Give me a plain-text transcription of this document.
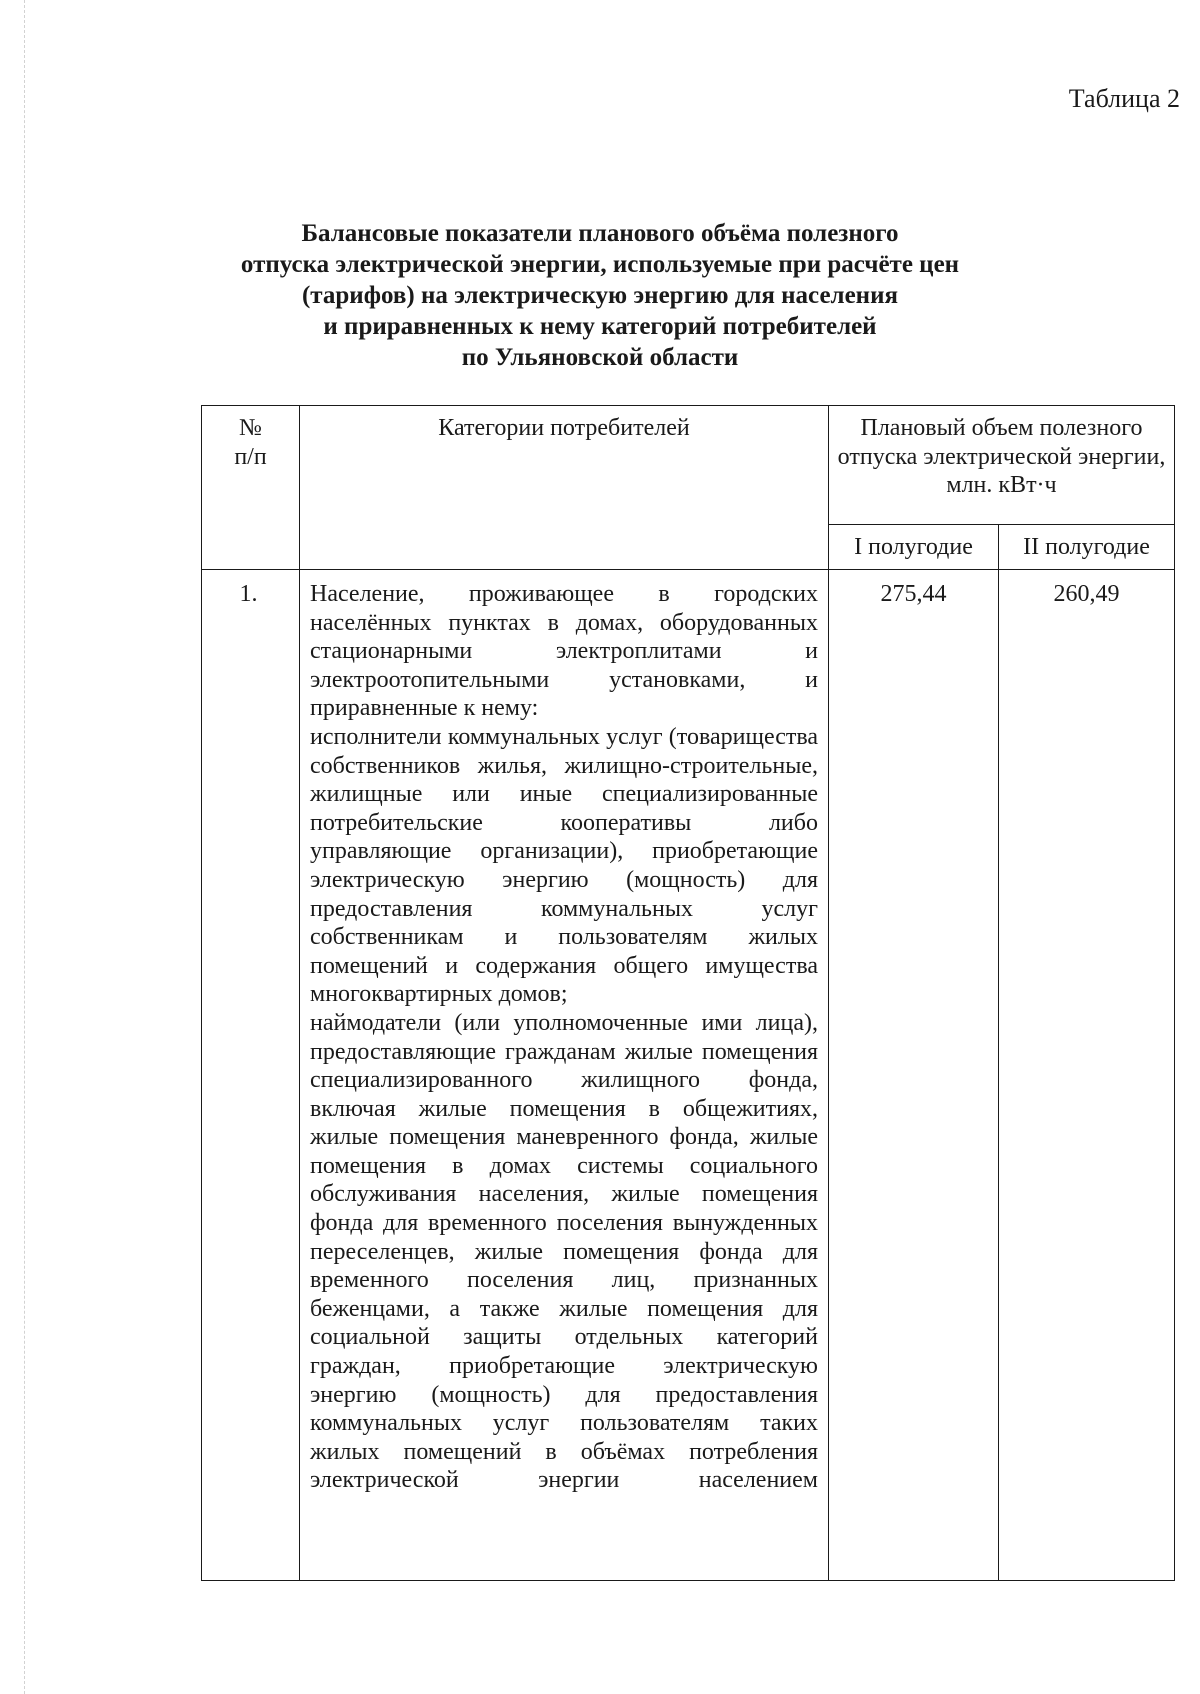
Таблица 2
Балансовые показатели планового объёма полезного
отпуска электрической энергии, используемые при расчёте цен
(тарифов) на электрическую энергию для населения
и приравненных к нему категорий потребителей
по Ульяновской области
№
п/п	Категории потребителей	Плановый объем полезного отпуска электрической энергии, млн. кВт·ч	
		I полугодие	II полугодие
1.	Население, проживающее в городских населённых пунктах в домах, оборудованных стационарными электроплитами и электроотопительными установками, и приравненные к нему:
исполнители коммунальных услуг (товарищества собственников жилья, жилищно-строительные, жилищные или иные специализированные потребительские кооперативы либо управляющие организации), приобретающие электрическую энергию (мощность) для предоставления коммунальных услуг собственникам и пользователям жилых помещений и содержания общего имущества многоквартирных домов;
наймодатели (или уполномоченные ими лица), предоставляющие гражданам жилые помещения специализированного жилищного фонда, включая жилые помещения в общежитиях, жилые помещения маневренного фонда, жилые помещения в домах системы социального обслуживания населения, жилые помещения фонда для временного поселения вынужденных переселенцев, жилые помещения фонда для временного поселения лиц, признанных беженцами, а также жилые помещения для социальной защиты отдельных категорий граждан, приобретающие электрическую энергию (мощность) для предоставления коммунальных услуг пользователям таких жилых помещений в объёмах потребления электрической энергии населением	275,44	260,49
